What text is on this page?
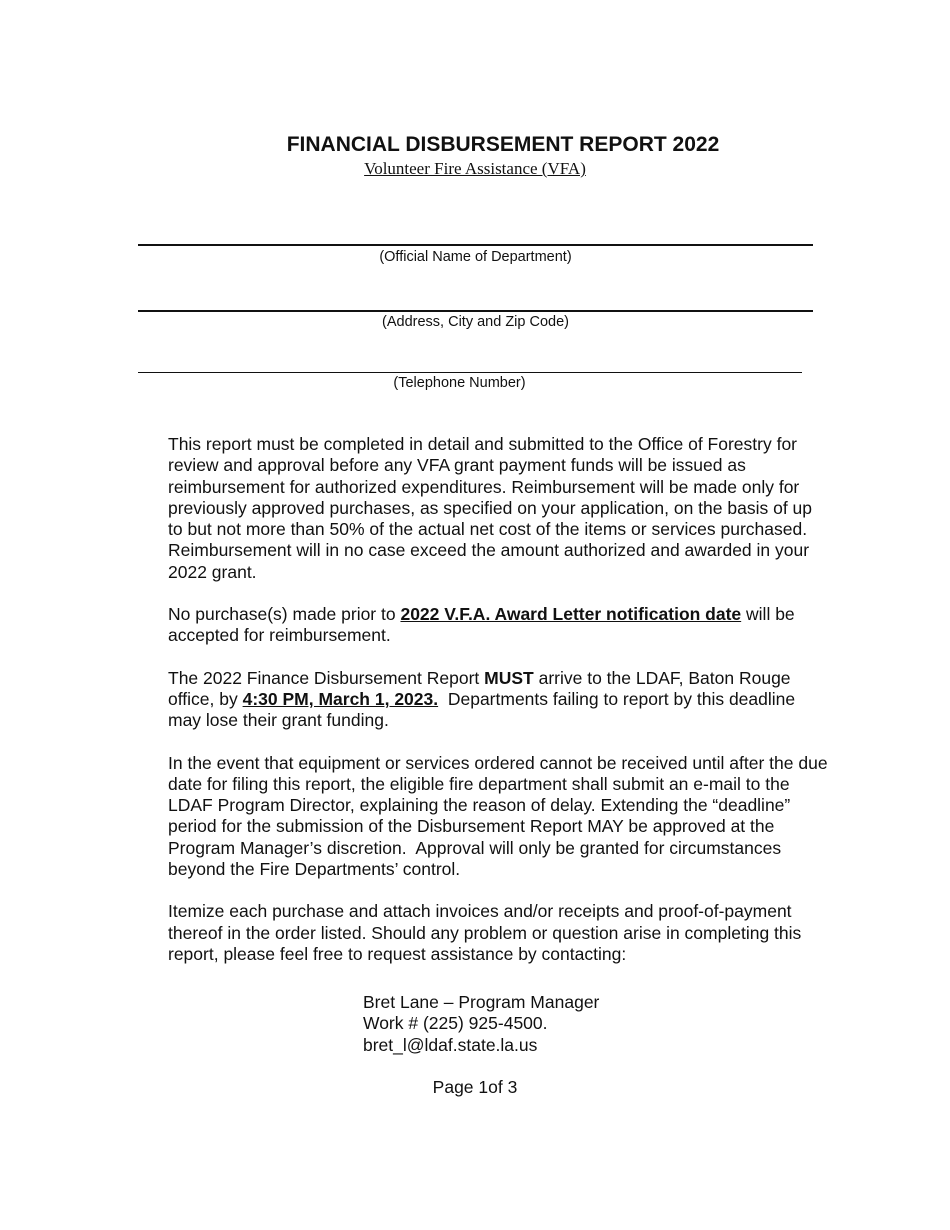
FINANCIAL DISBURSEMENT REPORT 2022
Volunteer Fire Assistance (VFA)
(Official Name of Department)
(Address, City and Zip Code)
(Telephone Number)

This report must be completed in detail and submitted to the Office of Forestry for review and approval before any VFA grant payment funds will be issued as reimbursement for authorized expenditures. Reimbursement will be made only for previously approved purchases, as specified on your application, on the basis of up to but not more than 50% of the actual net cost of the items or services purchased. Reimbursement will in no case exceed the amount authorized and awarded in your 2022 grant.

No purchase(s) made prior to 2022 V.F.A. Award Letter notification date will be accepted for reimbursement.

The 2022 Finance Disbursement Report MUST arrive to the LDAF, Baton Rouge office, by 4:30 PM, March 1, 2023.  Departments failing to report by this deadline may lose their grant funding.

In the event that equipment or services ordered cannot be received until after the due date for filing this report, the eligible fire department shall submit an e-mail to the LDAF Program Director, explaining the reason of delay. Extending the “deadline” period for the submission of the Disbursement Report MAY be approved at the Program Manager’s discretion.  Approval will only be granted for circumstances beyond the Fire Departments’ control.

Itemize each purchase and attach invoices and/or receipts and proof-of-payment thereof in the order listed. Should any problem or question arise in completing this report, please feel free to request assistance by contacting:

Bret Lane – Program Manager
Work # (225) 925-4500.
bret_l@ldaf.state.la.us
Page 1of 3
